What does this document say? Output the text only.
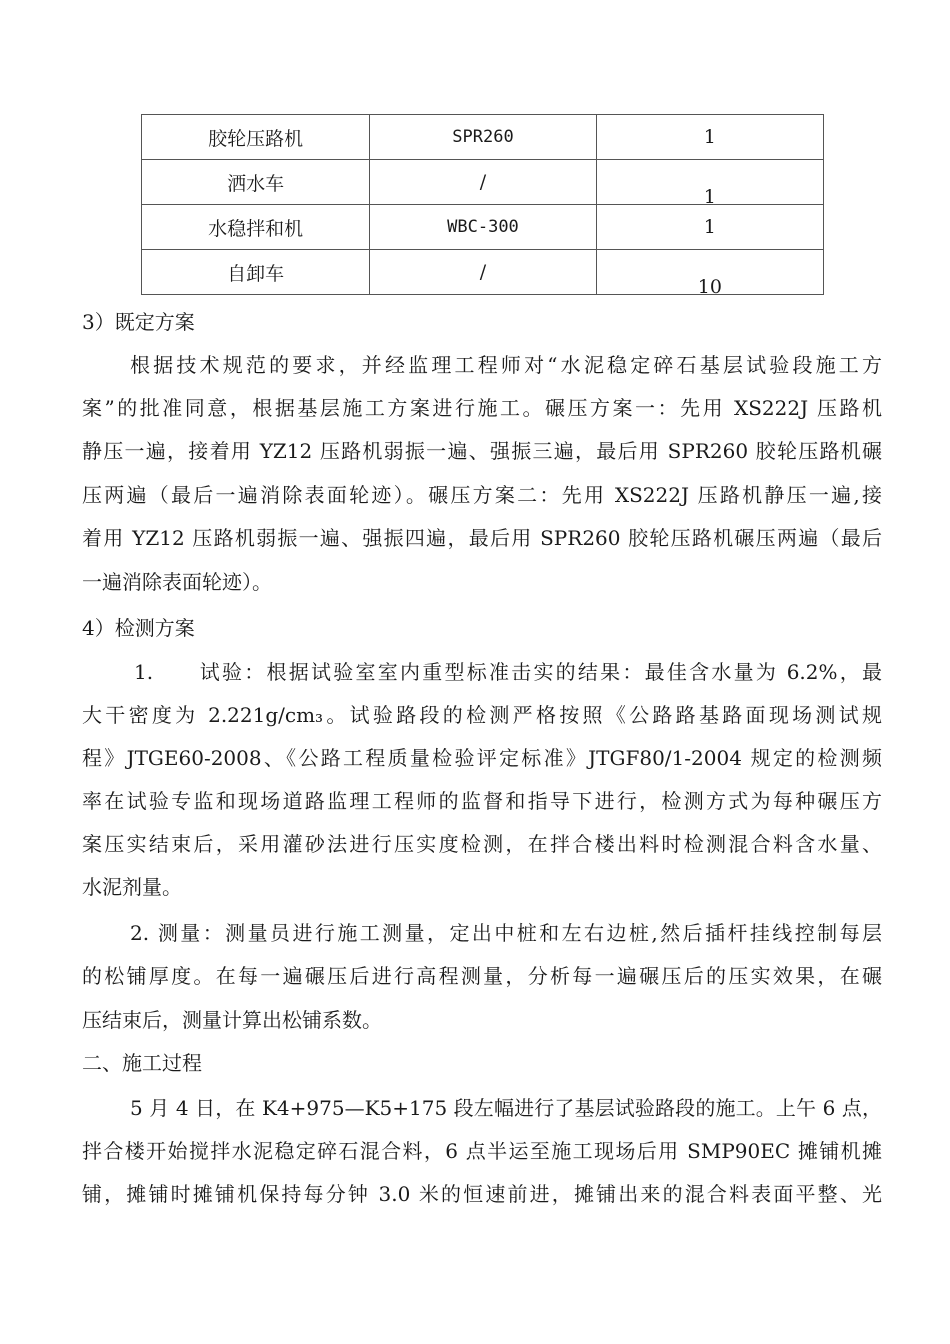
胶轮压路机	SPR260	1
洒水车	/	1
水稳拌和机	WBC-300	1
自卸车	/	10
3）既定方案
根据技术规范的要求，并经监理工程师对“水泥稳定碎石基层试验段施工方
案”的批准同意，根据基层施工方案进行施工。碾压方案一：先用 XS222J 压路机
静压一遍，接着用 YZ12 压路机弱振一遍、强振三遍，最后用 SPR260 胶轮压路机碾
压两遍（最后一遍消除表面轮迹）。碾压方案二：先用 XS222J 压路机静压一遍,接
着用 YZ12 压路机弱振一遍、强振四遍，最后用 SPR260 胶轮压路机碾压两遍（最后
一遍消除表面轮迹）。
4）检测方案
1.　　试验：根据试验室室内重型标准击实的结果：最佳含水量为 6.2%，最
大干密度为 2.221g/cm₃。试验路段的检测严格按照《公路路基路面现场测试规
程》JTGE60-2008、《公路工程质量检验评定标准》JTGF80/1-2004 规定的检测频
率在试验专监和现场道路监理工程师的监督和指导下进行，检测方式为每种碾压方
案压实结束后，采用灌砂法进行压实度检测，在拌合楼出料时检测混合料含水量、
水泥剂量。
2. 测量：测量员进行施工测量，定出中桩和左右边桩,然后插杆挂线控制每层
的松铺厚度。在每一遍碾压后进行高程测量，分析每一遍碾压后的压实效果，在碾
压结束后，测量计算出松铺系数。
二、施工过程
5 月 4 日，在 K4+975—K5+175 段左幅进行了基层试验路段的施工。上午 6 点，
拌合楼开始搅拌水泥稳定碎石混合料，6 点半运至施工现场后用 SMP90EC 摊铺机摊
铺，摊铺时摊铺机保持每分钟 3.0 米的恒速前进，摊铺出来的混合料表面平整、光
